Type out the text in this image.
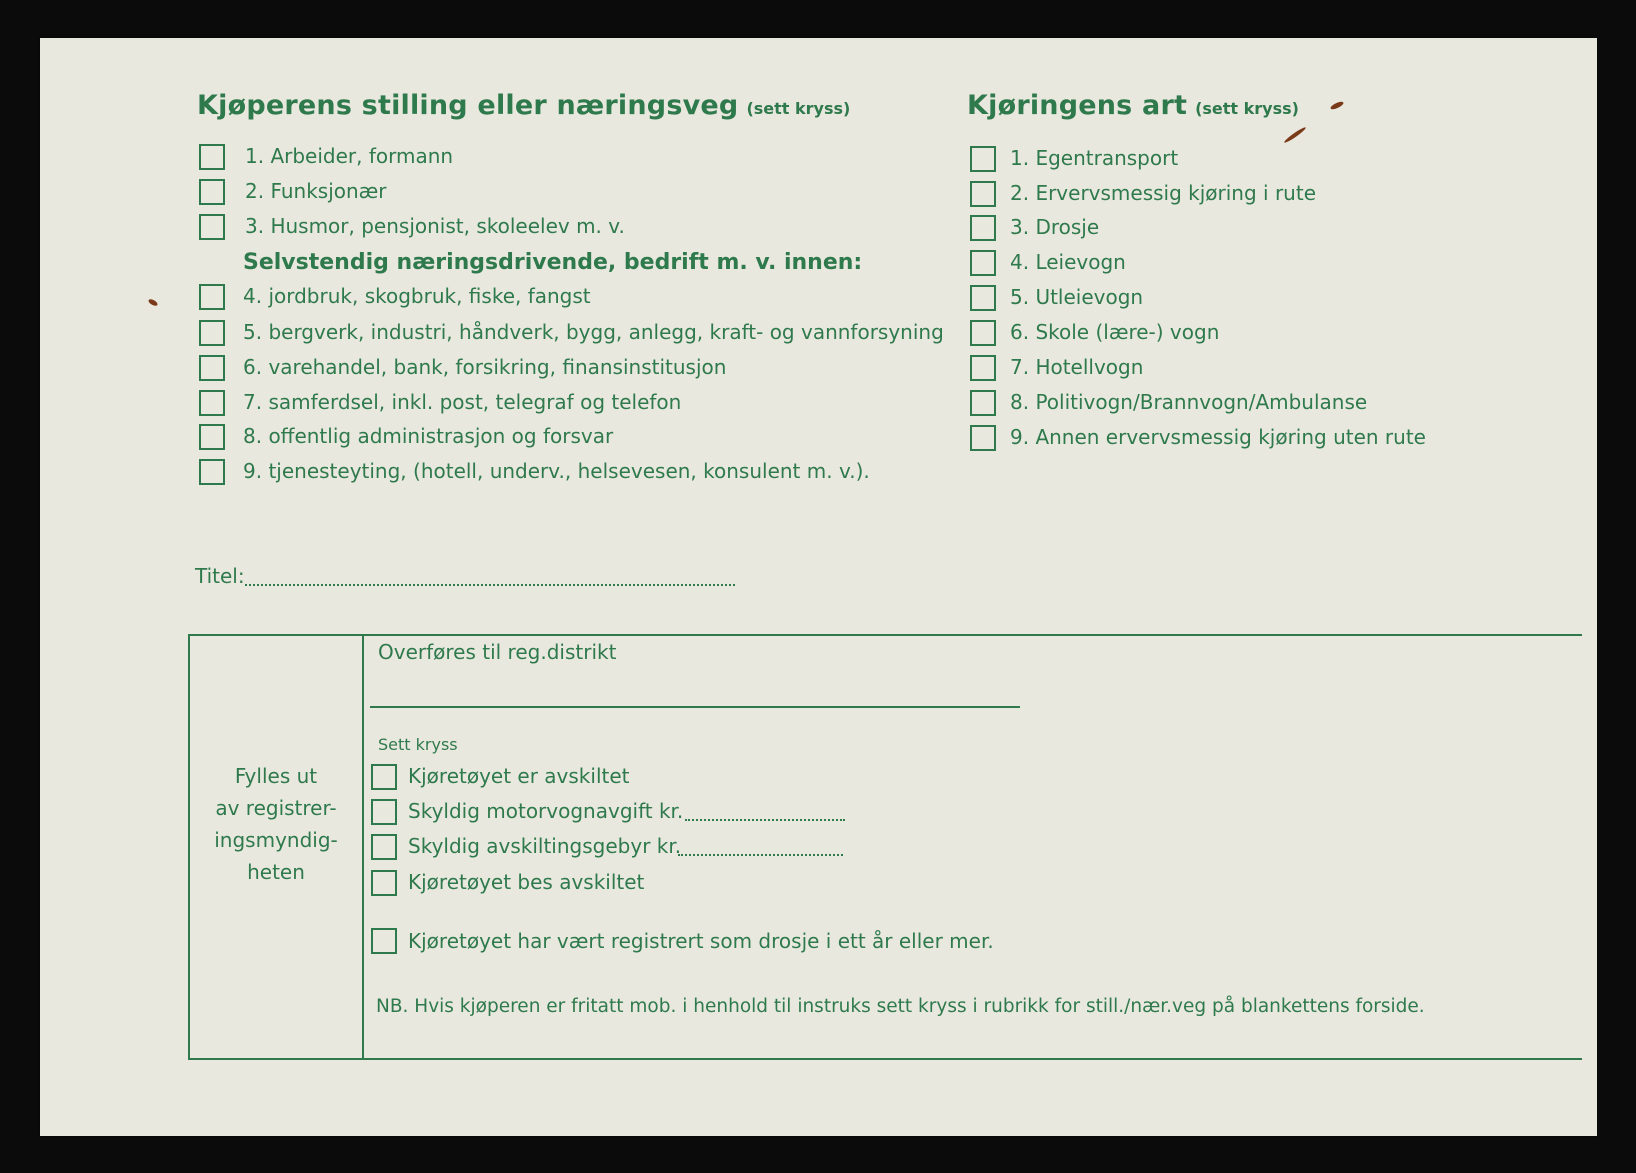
Kjøperens stilling eller næringsveg (sett kryss)
1. Arbeider, formann
2. Funksjonær
3. Husmor, pensjonist, skoleelev m. v.
Selvstendig næringsdrivende, bedrift m. v. innen:
4. jordbruk, skogbruk, fiske, fangst
5. bergverk, industri, håndverk, bygg, anlegg, kraft- og vannforsyning
6. varehandel, bank, forsikring, finansinstitusjon
7. samferdsel, inkl. post, telegraf og telefon
8. offentlig administrasjon og forsvar
9. tjenesteyting, (hotell, underv., helsevesen, konsulent m. v.).
Titel:
Kjøringens art (sett kryss)
1. Egentransport
2. Ervervsmessig kjøring i rute
3. Drosje
4. Leievogn
5. Utleievogn
6. Skole (lære-) vogn
7. Hotellvogn
8. Politivogn/Brannvogn/Ambulanse
9. Annen ervervsmessig kjøring uten rute
Fylles ut
av registrer-
ingsmyndig-
heten
Overføres til reg.distrikt
Sett kryss
Kjøretøyet er avskiltet
Skyldig motorvognavgift kr.
Skyldig avskiltingsgebyr kr.
Kjøretøyet bes avskiltet
Kjøretøyet har vært registrert som drosje i ett år eller mer.
NB. Hvis kjøperen er fritatt mob. i henhold til instruks sett kryss i rubrikk for still./nær.veg på blankettens forside.
